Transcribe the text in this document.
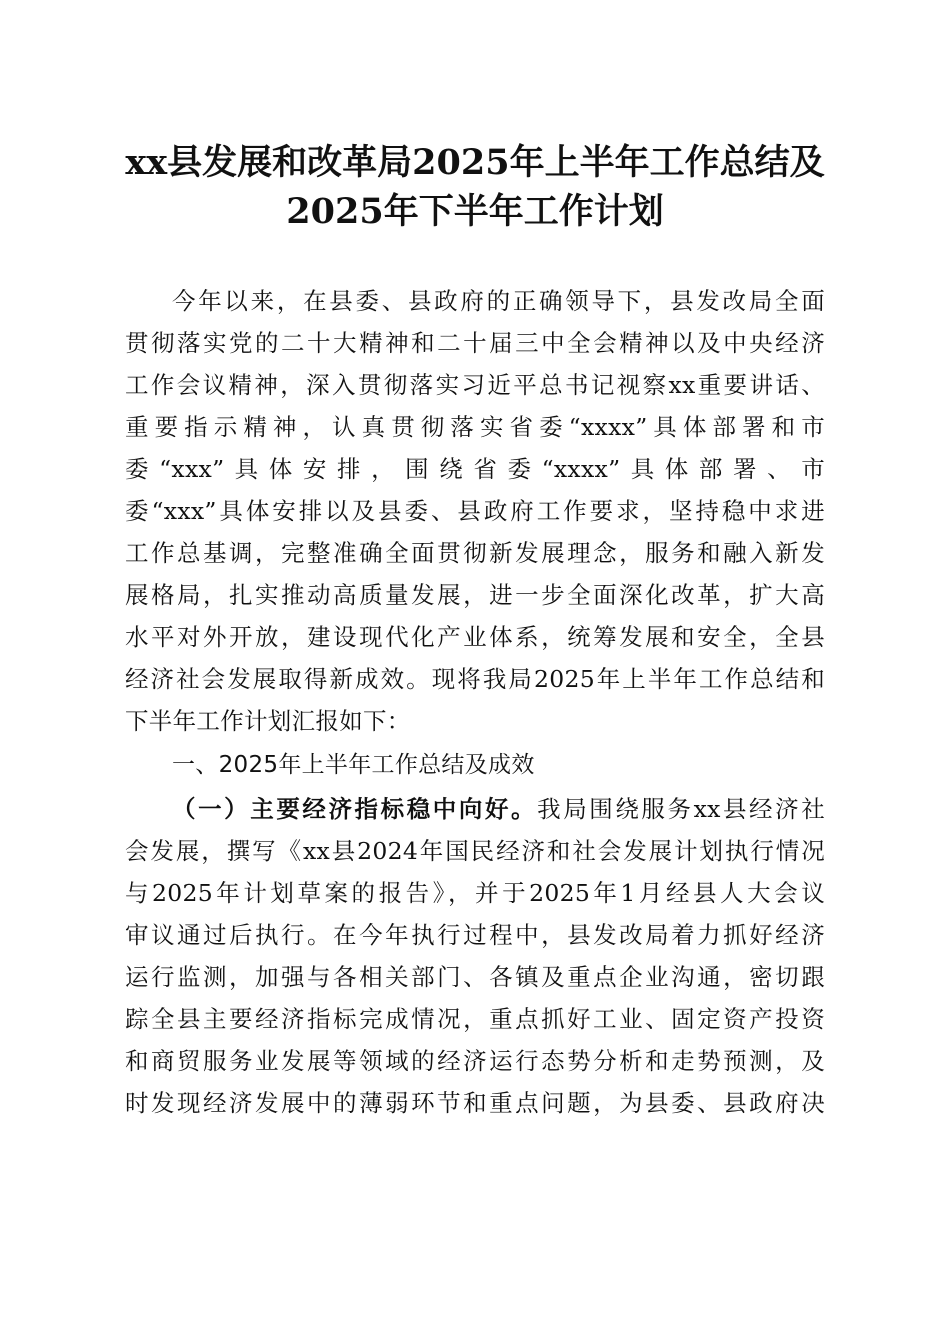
xx县发展和改革局2025年上半年工作总结及
2025年下半年工作计划
今年以来，在县委、县政府的正确领导下，县发改局全面
贯彻落实党的二十大精神和二十届三中全会精神以及中央经济
工作会议精神，深入贯彻落实习近平总书记视察xx重要讲话、
重要指示精神，认真贯彻落实省委“xxxx”具体部署和市
委“xxx”具体安排，围绕省委“xxxx”具体部署、市
委“xxx”具体安排以及县委、县政府工作要求，坚持稳中求进
工作总基调，完整准确全面贯彻新发展理念，服务和融入新发
展格局，扎实推动高质量发展，进一步全面深化改革，扩大高
水平对外开放，建设现代化产业体系，统筹发展和安全，全县
经济社会发展取得新成效。现将我局2025年上半年工作总结和
下半年工作计划汇报如下：
一、2025年上半年工作总结及成效
（一）主要经济指标稳中向好。我局围绕服务xx县经济社
会发展，撰写《xx县2024年国民经济和社会发展计划执行情况
与2025年计划草案的报告》，并于2025年1月经县人大会议
审议通过后执行。在今年执行过程中，县发改局着力抓好经济
运行监测，加强与各相关部门、各镇及重点企业沟通，密切跟
踪全县主要经济指标完成情况，重点抓好工业、固定资产投资
和商贸服务业发展等领域的经济运行态势分析和走势预测，及
时发现经济发展中的薄弱环节和重点问题，为县委、县政府决
